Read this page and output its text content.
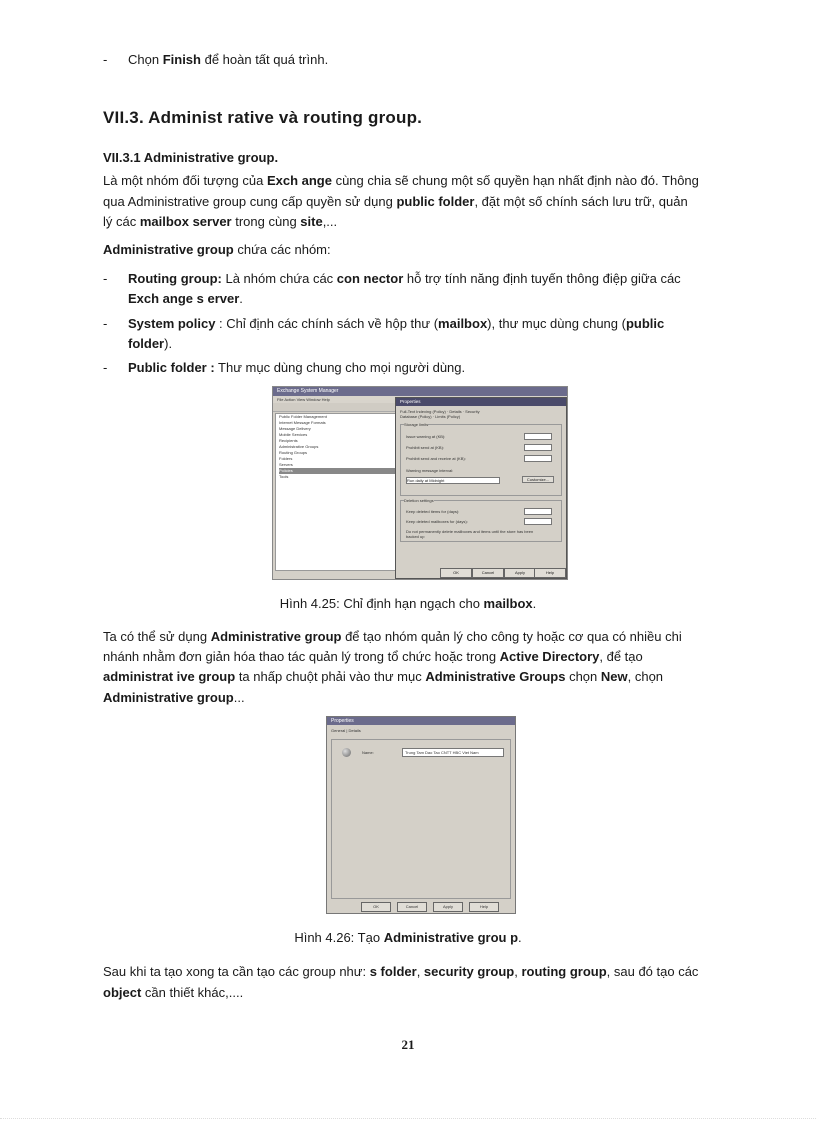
- Chọn Finish để hoàn tất quá trình.
VII.3. Administ rative và routing group.
VII.3.1 Administrative group.
Là một nhóm đối tượng của Exch ange cùng chia sẽ chung một số quyền hạn nhất định nào đó. Thông
qua Administrative group cung cấp quyền sử dụng public folder, đặt một số chính sách lưu trữ, quản
lý các mailbox server trong cùng site,...
Administrative group chứa các nhóm:
- Routing group: Là nhóm chứa các con nector hỗ trợ tính năng định tuyến thông điệp giữa các
Exch ange s erver.
- System policy : Chỉ định các chính sách về hộp thư (mailbox), thư mục dùng chung (public
folder).
- Public folder : Thư mục dùng chung cho mọi người dùng.
Exchange System Manager
File Action View Window Help
Public Folder Management
Internet Message Formats
Message Delivery
Mobile Services
Recipients
Administrative Groups
Routing Groups
Folders
Servers
Policies
Tools
Properties
Full-Text Indexing (Policy) · Details · Security
Database (Policy) · Limits (Policy)
Storage limits
Issue warning at (KB):
Prohibit send at (KB):
Prohibit send and receive at (KB):
Warning message interval:
Run daily at Midnight	Customize...
Deletion settings
Keep deleted items for (days):
Keep deleted mailboxes for (days):
Do not permanently delete mailboxes and items until the store has been backed up
OK	Cancel	Apply	Help
Hình 4.25: Chỉ định hạn ngạch cho mailbox.
Ta có thể sử dụng Administrative group để tạo nhóm quản lý cho công ty hoặc cơ qua có nhiều chi
nhánh nhằm đơn giản hóa thao tác quản lý trong tổ chức hoặc trong Active Directory, để tạo
administrat ive group ta nhấp chuột phải vào thư mục Administrative Groups chọn New, chọn
Administrative group...
Properties
General | Details
Name:	Trung Tam Dao Tao CNTT HBC Viet Nam
OK	Cancel	Apply	Help
Hình 4.26: Tạo Administrative grou p.
Sau khi ta tạo xong ta cần tạo các group như: s folder, security group, routing group, sau đó tạo các
object cần thiết khác,....
21
